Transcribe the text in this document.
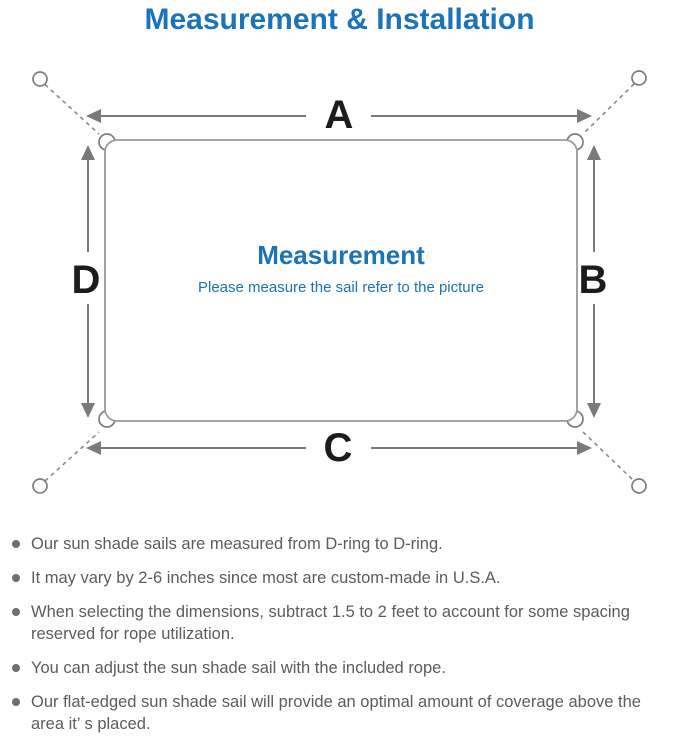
Measurement & Installation
A
C
D	B
Measurement
Please measure the sail refer to the picture
Our sun shade sails are measured from D-ring to D-ring.
It may vary by 2-6 inches since most are custom-made in U.S.A.
When selecting the dimensions, subtract 1.5 to 2 feet to account for some spacing reserved for rope utilization.
You can adjust the sun shade sail with the included rope.
Our flat-edged sun shade sail will provide an optimal amount of coverage above the area it’ s placed.
